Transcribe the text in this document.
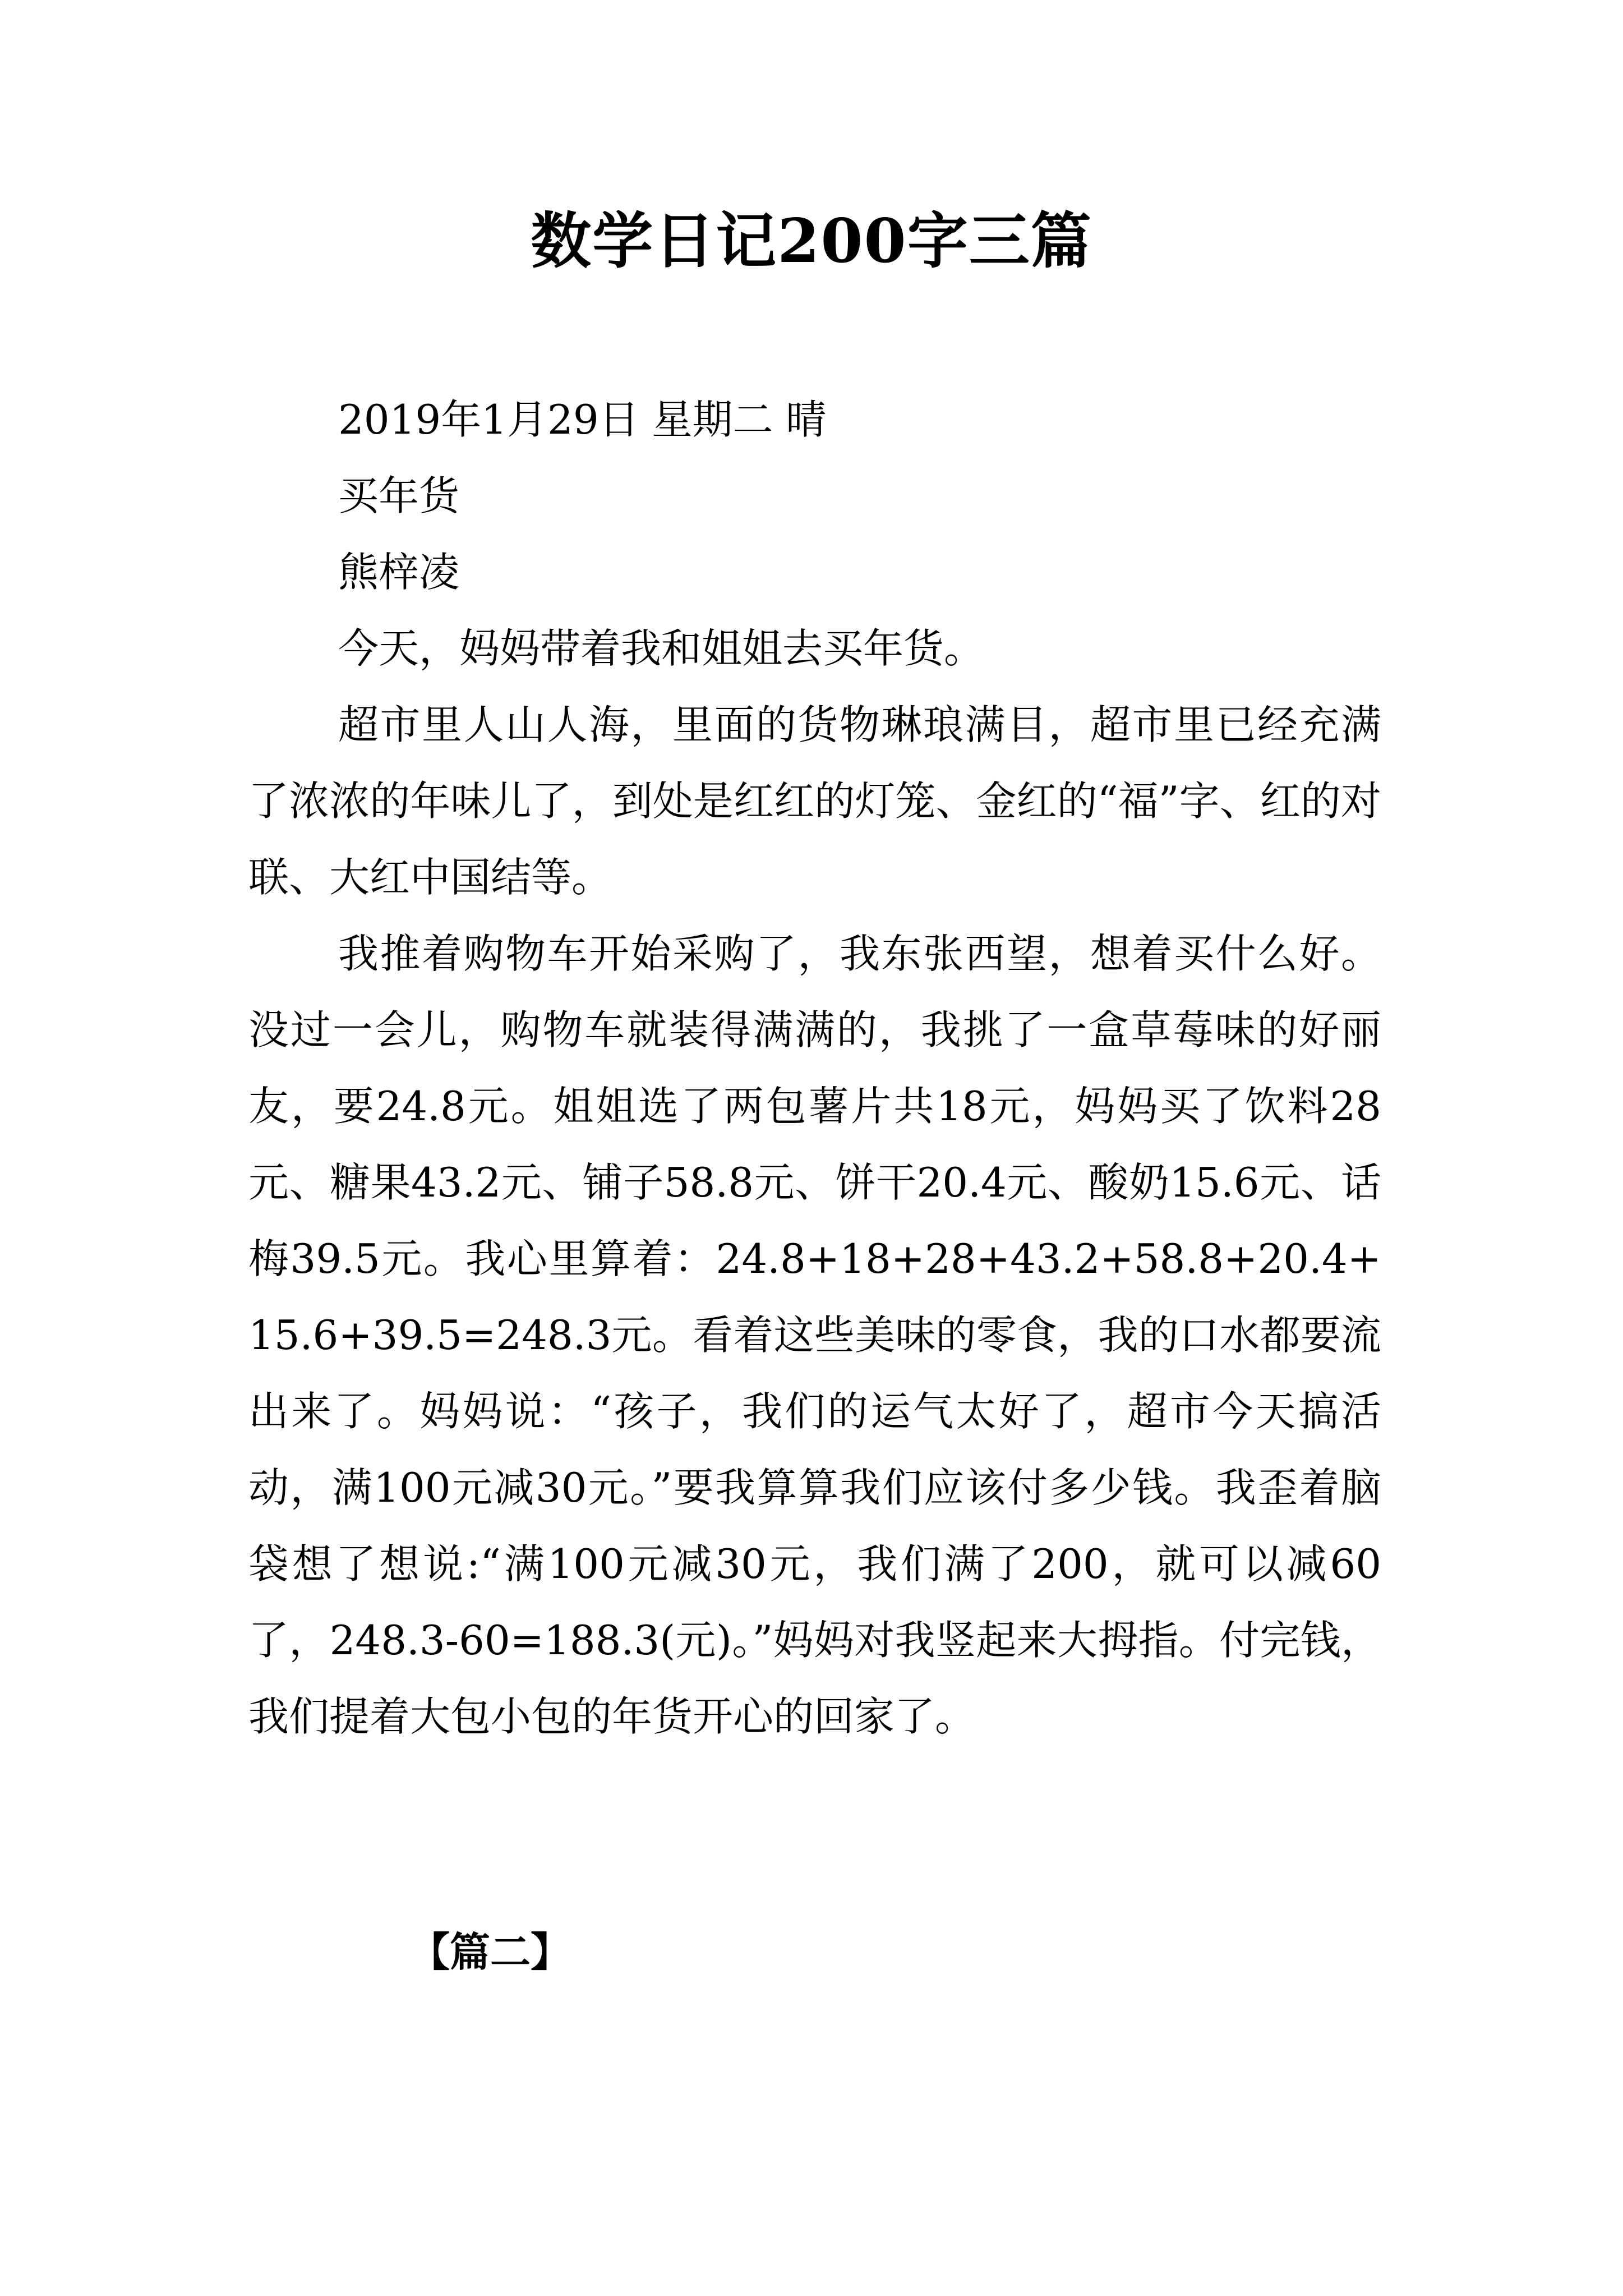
数学日记200字三篇

2019年1月29日 星期二 晴

买年货

熊梓凌

今天，妈妈带着我和姐姐去买年货。

超市里人山人海，里面的货物琳琅满目，超市里已经充满了浓浓的年味儿了，到处是红红的灯笼、金红的“福”字、红的对联、大红中国结等。

我推着购物车开始采购了，我东张西望，想着买什么好。没过一会儿，购物车就装得满满的，我挑了一盒草莓味的好丽友，要24.8元。姐姐选了两包薯片共18元，妈妈买了饮料28元、糖果43.2元、铺子58.8元、饼干20.4元、酸奶15.6元、话梅39.5元。我心里算着：24.8+18+28+43.2+58.8+20.4+15.6+39.5=248.3元。看着这些美味的零食，我的口水都要流出来了。妈妈说：“孩子，我们的运气太好了，超市今天搞活动，满100元减30元。”要我算算我们应该付多少钱。我歪着脑袋想了想说:“满100元减30元，我们满了200，就可以减60了，248.3-60=188.3(元)。”妈妈对我竖起来大拇指。付完钱，我们提着大包小包的年货开心的回家了。

【篇二】
